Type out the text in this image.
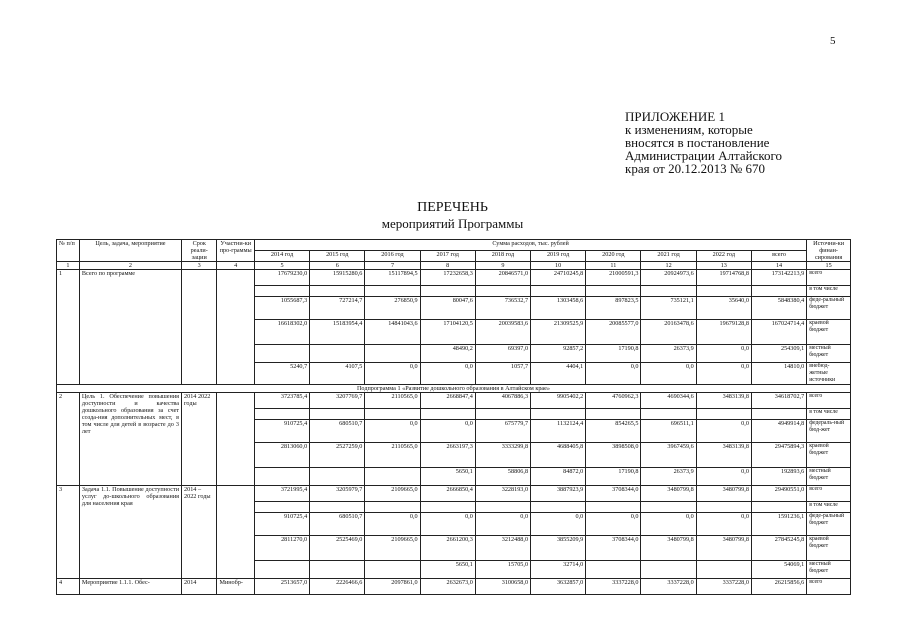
5
ПРИЛОЖЕНИЕ 1
к изменениям, которые
вносятся в постановление
Администрации Алтайского
края от 20.12.2013 № 670
ПЕРЕЧЕНЬ
мероприятий Программы
№ п/п	Цель, задача, мероприятие	Срок реали-зации	Участни-ки про-граммы	Сумма расходов, тыс. рублей										Источни-ки финан-сирования
				2014 год	2015 год	2016 год	2017 год	2018 год	2019 год	2020 год	2021 год	2022 год	всего	
1	2	3	4	5	6	7	8	9	10	11	12	13	14	15
1	Всего по программе			17679230,0	15915280,6	15117894,5	17232658,3	20846571,0	24710245,8	21000591,3	20924973,6	19714768,8	173142213,9	всего
														в том числе
				1055687,3	727214,7	276850,9	80047,6	736532,7	1303458,6	897823,5	735121,1	35640,0	5848380,4	феде-ральный бюджет
				16618302,0	15183954,4	14841043,6	17104120,5	20039583,6	21309525,9	20085577,0	20163478,6	19679128,8	167024714,4	краевой бюджет
							48490,2	69397,0	92857,2	17190,8	26373,9	0,0	254309,1	местный бюджет
				5240,7	4107,5	0,0	0,0	1057,7	4404,1	0,0	0,0	0,0	14810,0	внебюд-жетные источники
Подпрограмма 1 «Развитие дошкольного образования в Алтайском крае»														
2	Цель 1. Обеспечение повышения доступности и качества дошкольного образования за счет созда-ния дополнительных мест, в том числе для детей в возрасте до 3 лет	2014 2022 годы		3723785,4	3207769,7	2110565,0	2668847,4	4067886,3	9905402,2	4760962,3	4690344,6	3483139,8	34618702,7	всего
														в том числе
				910725,4	680510,7	0,0	0,0	675779,7	1132124,4	854265,5	696511,1	0,0	4949914,8	федераль-ный бюд-жет
				2813060,0	2527259,0	2110565,0	2663197,3	3333299,8	4688405,8	3898508,0	3967459,6	3483139,8	29475894,3	краевой бюджет
							5650,1	58806,8	84872,0	17190,8	26373,9	0,0	192893,6	местный бюджет
3	Задача 1.1. Повышение доступности услуг до-школьного образования для населения края	2014 – 2022 годы		3721995,4	3205979,7	2109665,0	2666850,4	3228193,0	3887923,9	3708344,0	3480799,8	3480799,8	29490551,0	всего
														в том числе
				910725,4	680510,7	0,0	0,0	0,0	0,0	0,0	0,0	0,0	1591236,1	феде-ральный бюджет
				2811270,0	2525469,0	2109665,0	2661200,3	3212488,0	3855209,9	3708344,0	3480799,8	3480799,8	27845245,8	краевой бюджет
							5650,1	15705,0	32714,0				54069,1	местный бюджет
4	Мероприятие 1.1.1. Обес-	2014	Минобр-	2513657,0	2226466,6	2097861,0	2632673,0	3100658,0	3632857,0	3337228,0	3337228,0	3337228,0	26215856,6	всего
